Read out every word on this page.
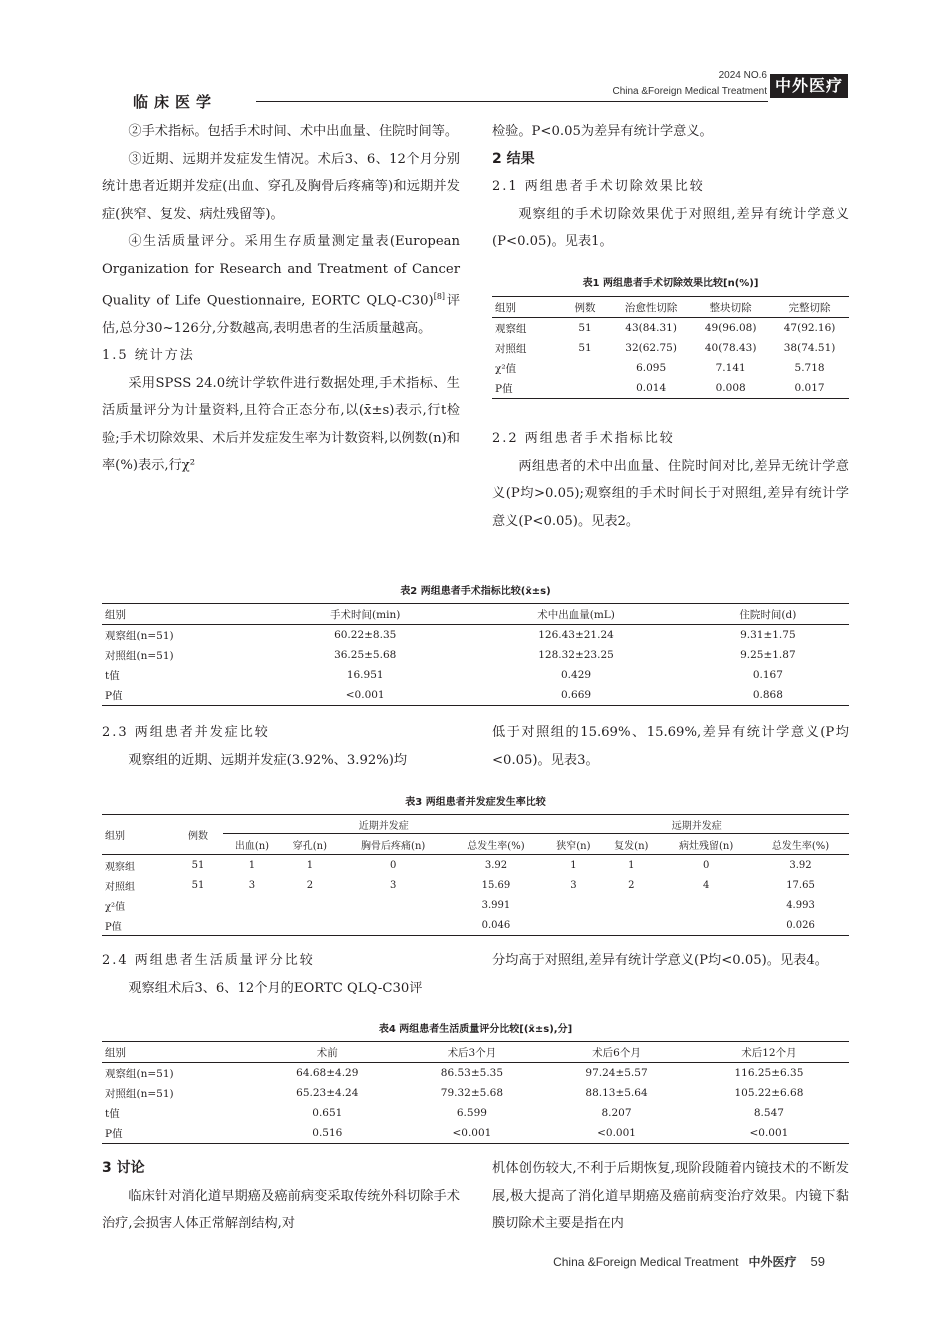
临床医学
2024 NO.6
China &Foreign Medical Treatment 中外医疗

②手术指标。包括手术时间、术中出血量、住院时间等。

③近期、远期并发症发生情况。术后3、6、12个月分别统计患者近期并发症(出血、穿孔及胸骨后疼痛等)和远期并发症(狭窄、复发、病灶残留等)。

④生活质量评分。采用生存质量测定量表(European Organization for Research and Treatment of Cancer Quality of Life Questionnaire, EORTC QLQ-C30)[8]评估,总分30~126分,分数越高,表明患者的生活质量越高。

1.5 统计方法

采用SPSS 24.0统计学软件进行数据处理,手术指标、生活质量评分为计量资料,且符合正态分布,以(x̄±s)表示,行t检验;手术切除效果、术后并发症发生率为计数资料,以例数(n)和率(%)表示,行χ²

检验。P<0.05为差异有统计学意义。

2 结果

2.1 两组患者手术切除效果比较

观察组的手术切除效果优于对照组,差异有统计学意义(P<0.05)。见表1。

表1 两组患者手术切除效果比较[n(%)]
组别	例数	治愈性切除	整块切除	完整切除
观察组	51	43(84.31)	49(96.08)	47(92.16)
对照组	51	32(62.75)	40(78.43)	38(74.51)
χ²值		6.095	7.141	5.718
P值		0.014	0.008	0.017

2.2 两组患者手术指标比较

两组患者的术中出血量、住院时间对比,差异无统计学意义(P均>0.05);观察组的手术时间长于对照组,差异有统计学意义(P<0.05)。见表2。

表2 两组患者手术指标比较(x̄±s)
组别	手术时间(min)	术中出血量(mL)	住院时间(d)
观察组(n=51)	60.22±8.35	126.43±21.24	9.31±1.75
对照组(n=51)	36.25±5.68	128.32±23.25	9.25±1.87
t值	16.951	0.429	0.167
P值	<0.001	0.669	0.868

2.3 两组患者并发症比较

观察组的近期、远期并发症(3.92%、3.92%)均

低于对照组的15.69%、15.69%,差异有统计学意义(P均<0.05)。见表3。

表3 两组患者并发症发生率比较
组别	例数	近期并发症				远期并发症			
		出血(n)	穿孔(n)	胸骨后疼痛(n)	总发生率(%)	狭窄(n)	复发(n)	病灶残留(n)	总发生率(%)
观察组	51	1	1	0	3.92	1	1	0	3.92
对照组	51	3	2	3	15.69	3	2	4	17.65
χ²值					3.991				4.993
P值					0.046				0.026

2.4 两组患者生活质量评分比较

观察组术后3、6、12个月的EORTC QLQ-C30评

分均高于对照组,差异有统计学意义(P均<0.05)。见表4。

表4 两组患者生活质量评分比较[(x̄±s),分]
组别	术前	术后3个月	术后6个月	术后12个月
观察组(n=51)	64.68±4.29	86.53±5.35	97.24±5.57	116.25±6.35
对照组(n=51)	65.23±4.24	79.32±5.68	88.13±5.64	105.22±6.68
t值	0.651	6.599	8.207	8.547
P值	0.516	<0.001	<0.001	<0.001

3 讨论

临床针对消化道早期癌及癌前病变采取传统外科切除手术治疗,会损害人体正常解剖结构,对

机体创伤较大,不利于后期恢复,现阶段随着内镜技术的不断发展,极大提高了消化道早期癌及癌前病变治疗效果。内镜下黏膜切除术主要是指在内

China &Foreign Medical Treatment 中外医疗 59
